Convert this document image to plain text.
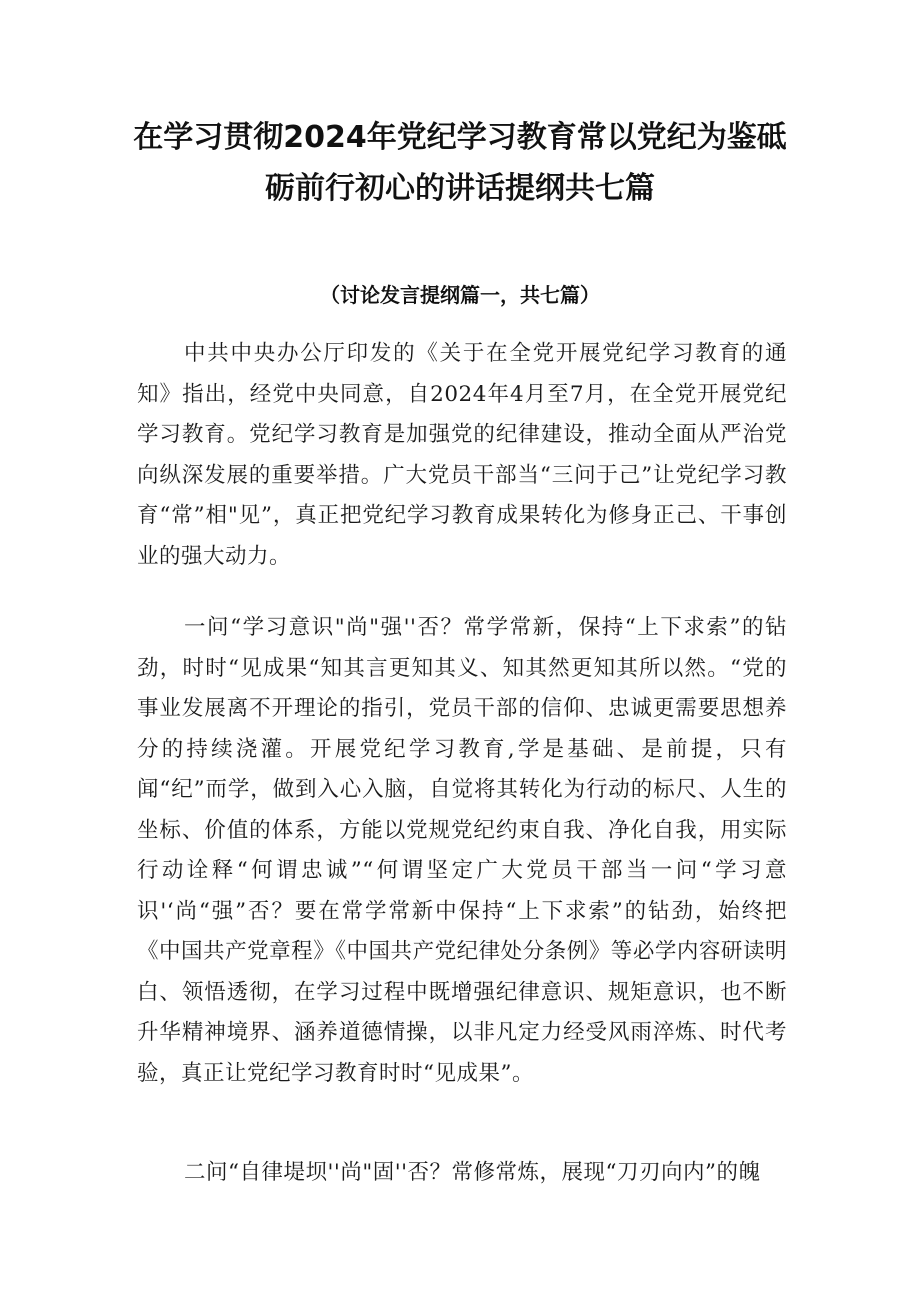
在学习贯彻2024年党纪学习教育常以党纪为鉴砥砺前行初心的讲话提纲共七篇

（讨论发言提纲篇一，共七篇）

中共中央办公厅印发的《关于在全党开展党纪学习教育的通知》指出，经党中央同意，自2024年4月至7月，在全党开展党纪学习教育。党纪学习教育是加强党的纪律建设，推动全面从严治党向纵深发展的重要举措。广大党员干部当“三问于己”让党纪学习教育“常”相"见”，真正把党纪学习教育成果转化为修身正己、干事创业的强大动力。

一问“学习意识"尚"强''否？常学常新，保持“上下求索”的钻劲，时时“见成果“知其言更知其义、知其然更知其所以然。“党的事业发展离不开理论的指引，党员干部的信仰、忠诚更需要思想养分的持续浇灌。开展党纪学习教育,学是基础、是前提，只有闻“纪”而学，做到入心入脑，自觉将其转化为行动的标尺、人生的坐标、价值的体系，方能以党规党纪约束自我、净化自我，用实际行动诠释“何谓忠诚”“何谓坚定广大党员干部当一问“学习意识'‘尚“强”否？要在常学常新中保持“上下求索”的钻劲，始终把《中国共产党章程》《中国共产党纪律处分条例》等必学内容研读明白、领悟透彻，在学习过程中既增强纪律意识、规矩意识，也不断升华精神境界、涵养道德情操，以非凡定力经受风雨淬炼、时代考验，真正让党纪学习教育时时“见成果”。

二问“自律堤坝''尚"固''否？常修常炼，展现“刀刃向内”的魄
